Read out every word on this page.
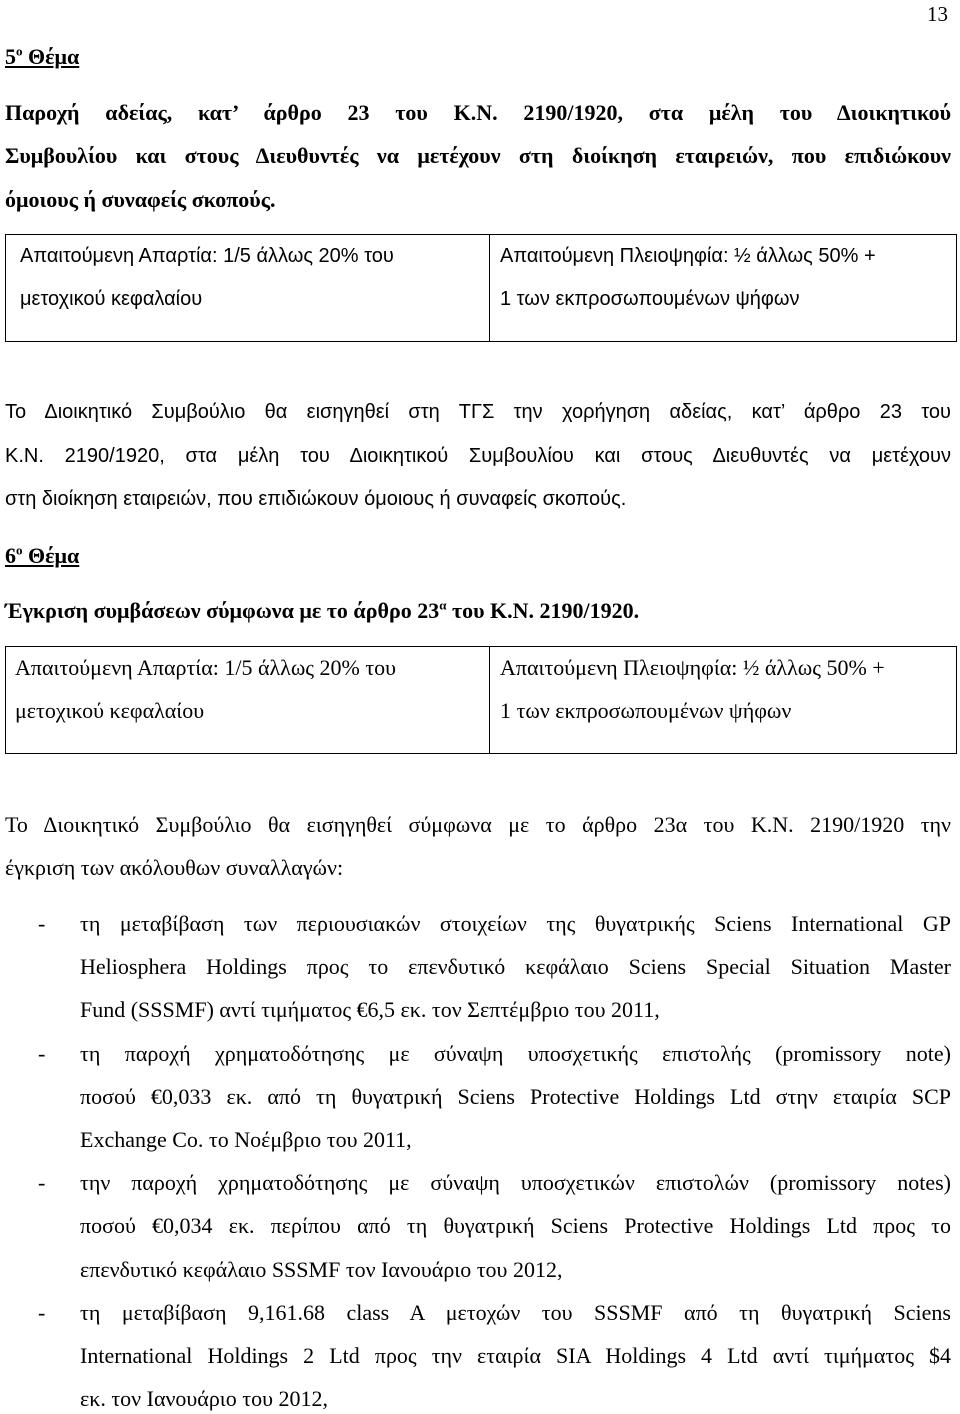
13
$5^o$ Θέμα
Παροχή αδείας, κατ’ άρθρο 23 του Κ.Ν. 2190/1920, στα μέλη του Διοικητικού
Συμβουλίου και στους Διευθυντές να μετέχουν στη διοίκηση εταιρειών, που επιδιώκουν
όμοιους ή συναφείς σκοπούς.
Απαιτούμενη Απαρτία: 1/5 άλλως 20% του
μετοχικού κεφαλαίου
Απαιτούμενη Πλειοψηφία: ½ άλλως 50% +
1 των εκπροσωπουμένων ψήφων
Το Διοικητικό Συμβούλιο θα εισηγηθεί στη ΤΓΣ την χορήγηση αδείας, κατ’ άρθρο 23 του
Κ.Ν. 2190/1920, στα μέλη του Διοικητικού Συμβουλίου και στους Διευθυντές να μετέχουν
στη διοίκηση εταιρειών, που επιδιώκουν όμοιους ή συναφείς σκοπούς.
$6^o$ Θέμα
Έγκριση συμβάσεων σύμφωνα με το άρθρο $23^\alpha$ του Κ.Ν. 2190/1920.
Απαιτούμενη Απαρτία: 1/5 άλλως 20% του
μετοχικού κεφαλαίου
Απαιτούμενη Πλειοψηφία: ½ άλλως 50% +
1 των εκπροσωπουμένων ψήφων
Το Διοικητικό Συμβούλιο θα εισηγηθεί σύμφωνα με το άρθρο 23α του Κ.Ν. 2190/1920 την
έγκριση των ακόλουθων συναλλαγών:
- τη μεταβίβαση των περιουσιακών στοιχείων της θυγατρικής Sciens International GP
Heliosphera Holdings προς το επενδυτικό κεφάλαιο Sciens Special Situation Master
Fund (SSSMF) αντί τιμήματος €6,5 εκ. τον Σεπτέμβριο του 2011,
- τη παροχή χρηματοδότησης με σύναψη υποσχετικής επιστολής (promissory note)
ποσού €0,033 εκ. από τη θυγατρική Sciens Protective Holdings Ltd στην εταιρία SCP
Exchange Co. το Νοέμβριο του 2011,
- την παροχή χρηματοδότησης με σύναψη υποσχετικών επιστολών (promissory notes)
ποσού €0,034 εκ. περίπου από τη θυγατρική Sciens Protective Holdings Ltd προς το
επενδυτικό κεφάλαιο SSSMF τον Ιανουάριο του 2012,
- τη μεταβίβαση 9,161.68 class A μετοχών του SSSMF από τη θυγατρική Sciens
International Holdings 2 Ltd προς την εταιρία SIA Holdings 4 Ltd αντί τιμήματος $4
εκ. τον Ιανουάριο του 2012,
